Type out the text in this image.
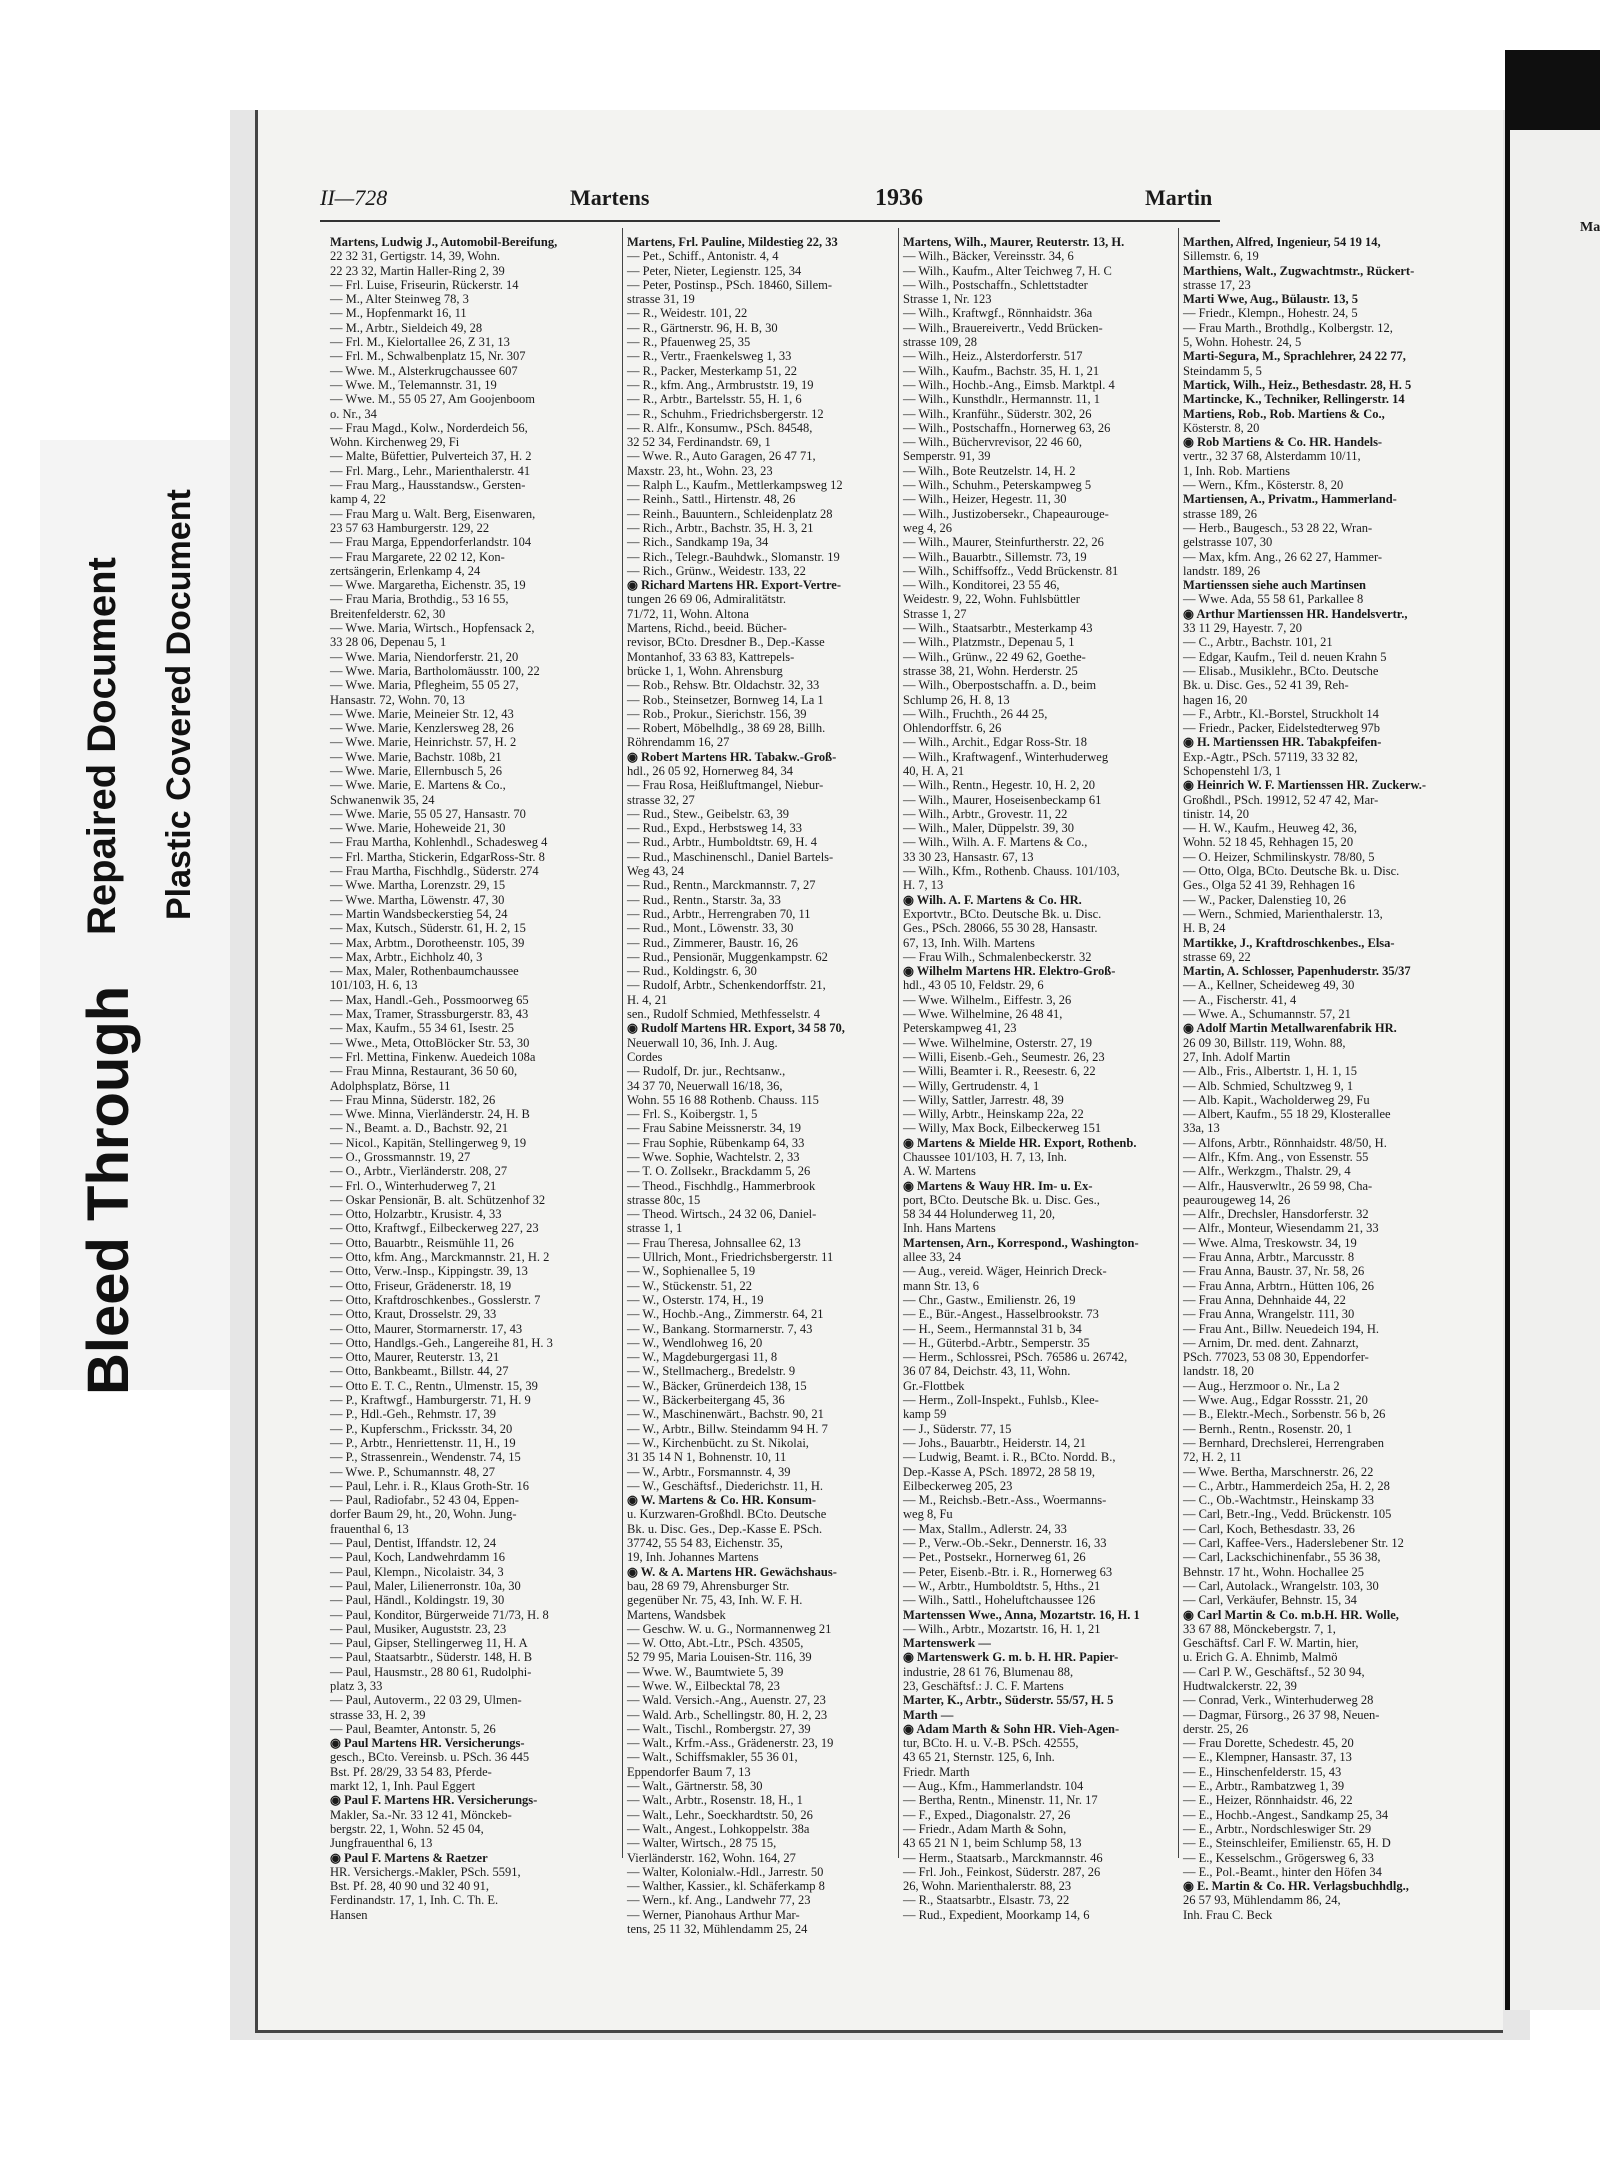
Bleed Through
Repaired Document Plastic Covered Document
Ma
II—728	Martens	1936	Martin

Martens, Ludwig J., Automobil-Bereifung,

22 32 31, Gertigstr. 14, 39, Wohn.

22 23 32, Martin Haller-Ring 2, 39

— Frl. Luise, Friseurin, Rückerstr. 14

— M., Alter Steinweg 78, 3

— M., Hopfenmarkt 16, 11

— M., Arbtr., Sieldeich 49, 28

— Frl. M., Kielortallee 26, Z 31, 13

— Frl. M., Schwalbenplatz 15, Nr. 307

— Wwe. M., Alsterkrugchaussee 607

— Wwe. M., Telemannstr. 31, 19

— Wwe. M., 55 05 27, Am Goojenboom

o. Nr., 34

— Frau Magd., Kolw., Norderdeich 56,

Wohn. Kirchenweg 29, Fi

— Malte, Büfettier, Pulverteich 37, H. 2

— Frl. Marg., Lehr., Marienthalerstr. 41

— Frau Marg., Hausstandsw., Gersten-

kamp 4, 22

— Frau Marg u. Walt. Berg, Eisenwaren,

23 57 63 Hamburgerstr. 129, 22

— Frau Marga, Eppendorferlandstr. 104

— Frau Margarete, 22 02 12, Kon-

zertsängerin, Erlenkamp 4, 24

— Wwe. Margaretha, Eichenstr. 35, 19

— Frau Maria, Brothdig., 53 16 55,

Breitenfelderstr. 62, 30

— Wwe. Maria, Wirtsch., Hopfensack 2,

33 28 06, Depenau 5, 1

— Wwe. Maria, Niendorferstr. 21, 20

— Wwe. Maria, Bartholomäusstr. 100, 22

— Wwe. Maria, Pflegheim, 55 05 27,

Hansastr. 72, Wohn. 70, 13

— Wwe. Marie, Meineier Str. 12, 43

— Wwe. Marie, Kenzlersweg 28, 26

— Wwe. Marie, Heinrichstr. 57, H. 2

— Wwe. Marie, Bachstr. 108b, 21

— Wwe. Marie, Ellernbusch 5, 26

— Wwe. Marie, E. Martens & Co.,

Schwanenwik 35, 24

— Wwe. Marie, 55 05 27, Hansastr. 70

— Wwe. Marie, Hoheweide 21, 30

— Frau Martha, Kohlenhdl., Schadesweg 4

— Frl. Martha, Stickerin, EdgarRoss-Str. 8

— Frau Martha, Fischhdlg., Süderstr. 274

— Wwe. Martha, Lorenzstr. 29, 15

— Wwe. Martha, Löwenstr. 47, 30

— Martin Wandsbeckerstieg 54, 24

— Max, Kutsch., Süderstr. 61, H. 2, 15

— Max, Arbtm., Dorotheenstr. 105, 39

— Max, Arbtr., Eichholz 40, 3

— Max, Maler, Rothenbaumchaussee

101/103, H. 6, 13

— Max, Handl.-Geh., Possmoorweg 65

— Max, Tramer, Strassburgerstr. 83, 43

— Max, Kaufm., 55 34 61, Isestr. 25

— Wwe., Meta, OttoBlöcker Str. 53, 30

— Frl. Mettina, Finkenw. Auedeich 108a

— Frau Minna, Restaurant, 36 50 60,

Adolphsplatz, Börse, 11

— Frau Minna, Süderstr. 182, 26

— Wwe. Minna, Vierländerstr. 24, H. B

— N., Beamt. a. D., Bachstr. 92, 21

— Nicol., Kapitän, Stellingerweg 9, 19

— O., Grossmannstr. 19, 27

— O., Arbtr., Vierländerstr. 208, 27

— Frl. O., Winterhuderweg 7, 21

— Oskar Pensionär, B. alt. Schützenhof 32

— Otto, Holzarbtr., Krusistr. 4, 33

— Otto, Kraftwgf., Eilbeckerweg 227, 23

— Otto, Bauarbtr., Reismühle 11, 26

— Otto, kfm. Ang., Marckmannstr. 21, H. 2

— Otto, Verw.-Insp., Kippingstr. 39, 13

— Otto, Friseur, Grädenerstr. 18, 19

— Otto, Kraftdroschkenbes., Gosslerstr. 7

— Otto, Kraut, Drosselstr. 29, 33

— Otto, Maurer, Stormarnerstr. 17, 43

— Otto, Handlgs.-Geh., Langereihe 81, H. 3

— Otto, Maurer, Reuterstr. 13, 21

— Otto, Bankbeamt., Billstr. 44, 27

— Otto E. T. C., Rentn., Ulmenstr. 15, 39

— P., Kraftwgf., Hamburgerstr. 71, H. 9

— P., Hdl.-Geh., Rehmstr. 17, 39

— P., Kupferschm., Fricksstr. 34, 20

— P., Arbtr., Henriettenstr. 11, H., 19

— P., Strassenrein., Wendenstr. 74, 15

— Wwe. P., Schumannstr. 48, 27

— Paul, Lehr. i. R., Klaus Groth-Str. 16

— Paul, Radiofabr., 52 43 04, Eppen-

dorfer Baum 29, ht., 20, Wohn. Jung-

frauenthal 6, 13

— Paul, Dentist, Iffandstr. 12, 24

— Paul, Koch, Landwehrdamm 16

— Paul, Klempn., Nicolaistr. 34, 3

— Paul, Maler, Lilienerronstr. 10a, 30

— Paul, Händl., Koldingstr. 19, 30

— Paul, Konditor, Bürgerweide 71/73, H. 8

— Paul, Musiker, Auguststr. 23, 23

— Paul, Gipser, Stellingerweg 11, H. A

— Paul, Staatsarbtr., Süderstr. 148, H. B

— Paul, Hausmstr., 28 80 61, Rudolphi-

platz 3, 33

— Paul, Autoverm., 22 03 29, Ulmen-

strasse 33, H. 2, 39

— Paul, Beamter, Antonstr. 5, 26

◉ Paul Martens HR. Versicherungs-

gesch., BCto. Vereinsb. u. PSch. 36 445

Bst. Pf. 28/29, 33 54 83, Pferde-

markt 12, 1, Inh. Paul Eggert

◉ Paul F. Martens HR. Versicherungs-

Makler, Sa.-Nr. 33 12 41, Mönckeb-

bergstr. 22, 1, Wohn. 52 45 04,

Jungfrauenthal 6, 13

◉ Paul F. Martens & Raetzer

HR. Versichergs.-Makler, PSch. 5591,

Bst. Pf. 28, 40 90 und 32 40 91,

Ferdinandstr. 17, 1, Inh. C. Th. E.

Hansen

Martens, Frl. Pauline, Mildestieg 22, 33

— Pet., Schiff., Antonistr. 4, 4

— Peter, Nieter, Legienstr. 125, 34

— Peter, Postinsp., PSch. 18460, Sillem-

strasse 31, 19

— R., Weidestr. 101, 22

— R., Gärtnerstr. 96, H. B, 30

— R., Pfauenweg 25, 35

— R., Vertr., Fraenkelsweg 1, 33

— R., Packer, Mesterkamp 51, 22

— R., kfm. Ang., Armbruststr. 19, 19

— R., Arbtr., Bartelsstr. 55, H. 1, 6

— R., Schuhm., Friedrichsbergerstr. 12

— R. Alfr., Konsumw., PSch. 84548,

32 52 34, Ferdinandstr. 69, 1

— Wwe. R., Auto Garagen, 26 47 71,

Maxstr. 23, ht., Wohn. 23, 23

— Ralph L., Kaufm., Mettlerkampsweg 12

— Reinh., Sattl., Hirtenstr. 48, 26

— Reinh., Bauuntern., Schleidenplatz 28

— Rich., Arbtr., Bachstr. 35, H. 3, 21

— Rich., Sandkamp 19a, 34

— Rich., Telegr.-Bauhdwk., Slomanstr. 19

— Rich., Grünw., Weidestr. 133, 22

◉ Richard Martens HR. Export-Vertre-

tungen 26 69 06, Admiralitätstr.

71/72, 11, Wohn. Altona

Martens, Richd., beeid. Bücher-

revisor, BCto. Dresdner B., Dep.-Kasse

Montanhof, 33 63 83, Kattrepels-

brücke 1, 1, Wohn. Ahrensburg

— Rob., Rehsw. Btr. Oldachstr. 32, 33

— Rob., Steinsetzer, Bornweg 14, La 1

— Rob., Prokur., Sierichstr. 156, 39

— Robert, Möbelhdlg., 38 69 28, Billh.

Röhrendamm 16, 27

◉ Robert Martens HR. Tabakw.-Groß-

hdl., 26 05 92, Hornerweg 84, 34

— Frau Rosa, Heißluftmangel, Niebur-

strasse 32, 27

— Rud., Stew., Geibelstr. 63, 39

— Rud., Expd., Herbstsweg 14, 33

— Rud., Arbtr., Humboldtstr. 69, H. 4

— Rud., Maschinenschl., Daniel Bartels-

Weg 43, 24

— Rud., Rentn., Marckmannstr. 7, 27

— Rud., Rentn., Starstr. 3a, 33

— Rud., Arbtr., Herrengraben 70, 11

— Rud., Mont., Löwenstr. 33, 30

— Rud., Zimmerer, Baustr. 16, 26

— Rud., Pensionär, Muggenkampstr. 62

— Rud., Koldingstr. 6, 30

— Rudolf, Arbtr., Schenkendorffstr. 21,

H. 4, 21

sen., Rudolf Schmied, Methfesselstr. 4

◉ Rudolf Martens HR. Export, 34 58 70,

Neuerwall 10, 36, Inh. J. Aug.

Cordes

— Rudolf, Dr. jur., Rechtsanw.,

34 37 70, Neuerwall 16/18, 36,

Wohn. 55 16 88 Rothenb. Chauss. 115

— Frl. S., Koibergstr. 1, 5

— Frau Sabine Meissnerstr. 34, 19

— Frau Sophie, Rübenkamp 64, 33

— Wwe. Sophie, Wachtelstr. 2, 33

— T. O. Zollsekr., Brackdamm 5, 26

— Theod., Fischhdlg., Hammerbrook

strasse 80c, 15

— Theod. Wirtsch., 24 32 06, Daniel-

strasse 1, 1

— Frau Theresa, Johnsallee 62, 13

— Ullrich, Mont., Friedrichsbergerstr. 11

— W., Sophienallee 5, 19

— W., Stückenstr. 51, 22

— W., Osterstr. 174, H., 19

— W., Hochb.-Ang., Zimmerstr. 64, 21

— W., Bankang. Stormarnerstr. 7, 43

— W., Wendlohweg 16, 20

— W., Magdeburgergasi 11, 8

— W., Stellmacherg., Bredelstr. 9

— W., Bäcker, Grünerdeich 138, 15

— W., Bäckerbeitergang 45, 36

— W., Maschinenwärt., Bachstr. 90, 21

— W., Arbtr., Billw. Steindamm 94 H. 7

— W., Kirchenbücht. zu St. Nikolai,

31 35 14 N 1, Bohnenstr. 10, 11

— W., Arbtr., Forsmannstr. 4, 39

— W., Geschäftsf., Diederichstr. 11, H.

◉ W. Martens & Co. HR. Konsum-

u. Kurzwaren-Großhdl. BCto. Deutsche

Bk. u. Disc. Ges., Dep.-Kasse E. PSch.

37742, 55 54 83, Eichenstr. 35,

19, Inh. Johannes Martens

◉ W. & A. Martens HR. Gewächshaus-

bau, 28 69 79, Ahrensburger Str.

gegenüber Nr. 75, 43, Inh. W. F. H.

Martens, Wandsbek

— Geschw. W. u. G., Normannenweg 21

— W. Otto, Abt.-Ltr., PSch. 43505,

52 79 95, Maria Louisen-Str. 116, 39

— Wwe. W., Baumtwiete 5, 39

— Wwe. W., Eilbecktal 78, 23

— Wald. Versich.-Ang., Auenstr. 27, 23

— Wald. Arb., Schellingstr. 80, H. 2, 23

— Walt., Tischl., Rombergstr. 27, 39

— Walt., Krfm.-Ass., Grädenerstr. 23, 19

— Walt., Schiffsmakler, 55 36 01,

Eppendorfer Baum 7, 13

— Walt., Gärtnerstr. 58, 30

— Walt., Arbtr., Rosenstr. 18, H., 1

— Walt., Lehr., Soeckhardtstr. 50, 26

— Walt., Angest., Lohkoppelstr. 38a

— Walter, Wirtsch., 28 75 15,

Vierländerstr. 162, Wohn. 164, 27

— Walter, Kolonialw.-Hdl., Jarrestr. 50

— Walther, Kassier., kl. Schäferkamp 8

— Wern., kf. Ang., Landwehr 77, 23

— Werner, Pianohaus Arthur Mar-

tens, 25 11 32, Mühlendamm 25, 24

Martens, Wilh., Maurer, Reuterstr. 13, H.

— Wilh., Bäcker, Vereinsstr. 34, 6

— Wilh., Kaufm., Alter Teichweg 7, H. C

— Wilh., Postschaffn., Schlettstadter

Strasse 1, Nr. 123

— Wilh., Kraftwgf., Rönnhaidstr. 36a

— Wilh., Brauereivertr., Vedd Brücken-

strasse 109, 28

— Wilh., Heiz., Alsterdorferstr. 517

— Wilh., Kaufm., Bachstr. 35, H. 1, 21

— Wilh., Hochb.-Ang., Eimsb. Marktpl. 4

— Wilh., Kunsthdlr., Hermannstr. 11, 1

— Wilh., Kranführ., Süderstr. 302, 26

— Wilh., Postschaffn., Hornerweg 63, 26

— Wilh., Büchervrevisor, 22 46 60,

Semperstr. 91, 39

— Wilh., Bote Reutzelstr. 14, H. 2

— Wilh., Schuhm., Peterskampweg 5

— Wilh., Heizer, Hegestr. 11, 30

— Wilh., Justizobersekr., Chapeaurouge-

weg 4, 26

— Wilh., Maurer, Steinfurtherstr. 22, 26

— Wilh., Bauarbtr., Sillemstr. 73, 19

— Wilh., Schiffsoffz., Vedd Brückenstr. 81

— Wilh., Konditorei, 23 55 46,

Weidestr. 9, 22, Wohn. Fuhlsbüttler

Strasse 1, 27

— Wilh., Staatsarbtr., Mesterkamp 43

— Wilh., Platzmstr., Depenau 5, 1

— Wilh., Grünw., 22 49 62, Goethe-

strasse 38, 21, Wohn. Herderstr. 25

— Wilh., Oberpostschaffn. a. D., beim

Schlump 26, H. 8, 13

— Wilh., Fruchth., 26 44 25,

Ohlendorffstr. 6, 26

— Wilh., Archit., Edgar Ross-Str. 18

— Wilh., Kraftwagenf., Winterhuderweg

40, H. A, 21

— Wilh., Rentn., Hegestr. 10, H. 2, 20

— Wilh., Maurer, Hoseisenbeckamp 61

— Wilh., Arbtr., Grovestr. 11, 22

— Wilh., Maler, Düppelstr. 39, 30

— Wilh., Wilh. A. F. Martens & Co.,

33 30 23, Hansastr. 67, 13

— Wilh., Kfm., Rothenb. Chauss. 101/103,

H. 7, 13

◉ Wilh. A. F. Martens & Co. HR.

Exportvtr., BCto. Deutsche Bk. u. Disc.

Ges., PSch. 28066, 55 30 28, Hansastr.

67, 13, Inh. Wilh. Martens

— Frau Wilh., Schmalenbeckerstr. 32

◉ Wilhelm Martens HR. Elektro-Groß-

hdl., 43 05 10, Feldstr. 29, 6

— Wwe. Wilhelm., Eiffestr. 3, 26

— Wwe. Wilhelmine, 26 48 41,

Peterskampweg 41, 23

— Wwe. Wilhelmine, Osterstr. 27, 19

— Willi, Eisenb.-Geh., Seumestr. 26, 23

— Willi, Beamter i. R., Reesestr. 6, 22

— Willy, Gertrudenstr. 4, 1

— Willy, Sattler, Jarrestr. 48, 39

— Willy, Arbtr., Heinskamp 22a, 22

— Willy, Max Bock, Eilbeckerweg 151

◉ Martens & Mielde HR. Export, Rothenb.

Chaussee 101/103, H. 7, 13, Inh.

A. W. Martens

◉ Martens & Wauy HR. Im- u. Ex-

port, BCto. Deutsche Bk. u. Disc. Ges.,

58 34 44 Holunderweg 11, 20,

Inh. Hans Martens

Martensen, Arn., Korrespond., Washington-

allee 33, 24

— Aug., vereid. Wäger, Heinrich Dreck-

mann Str. 13, 6

— Chr., Gastw., Emilienstr. 26, 19

— E., Bür.-Angest., Hasselbrookstr. 73

— H., Seem., Hermannstal 31 b, 34

— H., Güterbd.-Arbtr., Semperstr. 35

— Herm., Schlossrei, PSch. 76586 u. 26742,

36 07 84, Deichstr. 43, 11, Wohn.

Gr.-Flottbek

— Herm., Zoll-Inspekt., Fuhlsb., Klee-

kamp 59

— J., Süderstr. 77, 15

— Johs., Bauarbtr., Heiderstr. 14, 21

— Ludwig, Beamt. i. R., BCto. Nordd. B.,

Dep.-Kasse A, PSch. 18972, 28 58 19,

Eilbeckerweg 205, 23

— M., Reichsb.-Betr.-Ass., Woermanns-

weg 8, Fu

— Max, Stallm., Adlerstr. 24, 33

— P., Verw.-Ob.-Sekr., Dennerstr. 16, 33

— Pet., Postsekr., Hornerweg 61, 26

— Peter, Eisenb.-Btr. i. R., Hornerweg 63

— W., Arbtr., Humboldtstr. 5, Hths., 21

— Wilh., Sattl., Hoheluftchaussee 126

Martenssen Wwe., Anna, Mozartstr. 16, H. 1

— Wilh., Arbtr., Mozartstr. 16, H. 1, 21

Martenswerk —

◉ Martenswerk G. m. b. H. HR. Papier-

industrie, 28 61 76, Blumenau 88,

23, Geschäftsf.: J. C. F. Martens

Marter, K., Arbtr., Süderstr. 55/57, H. 5

Marth —

◉ Adam Marth & Sohn HR. Vieh-Agen-

tur, BCto. H. u. V.-B. PSch. 42555,

43 65 21, Sternstr. 125, 6, Inh.

Friedr. Marth

— Aug., Kfm., Hammerlandstr. 104

— Bertha, Rentn., Minenstr. 11, Nr. 17

— F., Exped., Diagonalstr. 27, 26

— Friedr., Adam Marth & Sohn,

43 65 21 N 1, beim Schlump 58, 13

— Herm., Staatsarb., Marckmannstr. 46

— Frl. Joh., Feinkost, Süderstr. 287, 26

26, Wohn. Marienthalerstr. 88, 23

— R., Staatsarbtr., Elsastr. 73, 22

— Rud., Expedient, Moorkamp 14, 6

Marthen, Alfred, Ingenieur, 54 19 14,

Sillemstr. 6, 19

Marthiens, Walt., Zugwachtmstr., Rückert-

strasse 17, 23

Marti Wwe, Aug., Bülaustr. 13, 5

— Friedr., Klempn., Hohestr. 24, 5

— Frau Marth., Brothdlg., Kolbergstr. 12,

5, Wohn. Hohestr. 24, 5

Marti-Segura, M., Sprachlehrer, 24 22 77,

Steindamm 5, 5

Martick, Wilh., Heiz., Bethesdastr. 28, H. 5

Martincke, K., Techniker, Rellingerstr. 14

Martiens, Rob., Rob. Martiens & Co.,

Kösterstr. 8, 20

◉ Rob Martiens & Co. HR. Handels-

vertr., 32 37 68, Alsterdamm 10/11,

1, Inh. Rob. Martiens

— Wern., Kfm., Kösterstr. 8, 20

Martiensen, A., Privatm., Hammerland-

strasse 189, 26

— Herb., Baugesch., 53 28 22, Wran-

gelstrasse 107, 30

— Max, kfm. Ang., 26 62 27, Hammer-

landstr. 189, 26

Martienssen siehe auch Martinsen

— Wwe. Ada, 55 58 61, Parkallee 8

◉ Arthur Martienssen HR. Handelsvertr.,

33 11 29, Hayestr. 7, 20

— C., Arbtr., Bachstr. 101, 21

— Edgar, Kaufm., Teil d. neuen Krahn 5

— Elisab., Musiklehr., BCto. Deutsche

Bk. u. Disc. Ges., 52 41 39, Reh-

hagen 16, 20

— F., Arbtr., Kl.-Borstel, Struckholt 14

— Friedr., Packer, Eidelstedterweg 97b

◉ H. Martienssen HR. Tabakpfeifen-

Exp.-Agtr., PSch. 57119, 33 32 82,

Schopenstehl 1/3, 1

◉ Heinrich W. F. Martienssen HR. Zuckerw.-

Großhdl., PSch. 19912, 52 47 42, Mar-

tinistr. 14, 20

— H. W., Kaufm., Heuweg 42, 36,

Wohn. 52 18 45, Rehhagen 15, 20

— O. Heizer, Schmilinskystr. 78/80, 5

— Otto, Olga, BCto. Deutsche Bk. u. Disc.

Ges., Olga 52 41 39, Rehhagen 16

— W., Packer, Dalenstieg 10, 26

— Wern., Schmied, Marienthalerstr. 13,

H. B, 24

Martikke, J., Kraftdroschkenbes., Elsa-

strasse 69, 22

Martin, A. Schlosser, Papenhuderstr. 35/37

— A., Kellner, Scheideweg 49, 30

— A., Fischerstr. 41, 4

— Wwe. A., Schumannstr. 57, 21

◉ Adolf Martin Metallwarenfabrik HR.

26 09 30, Billstr. 119, Wohn. 88,

27, Inh. Adolf Martin

— Alb., Fris., Albertstr. 1, H. 1, 15

— Alb. Schmied, Schultzweg 9, 1

— Alb. Kapit., Wacholderweg 29, Fu

— Albert, Kaufm., 55 18 29, Klosterallee

33a, 13

— Alfons, Arbtr., Rönnhaidstr. 48/50, H.

— Alfr., Kfm. Ang., von Essenstr. 55

— Alfr., Werkzgm., Thalstr. 29, 4

— Alfr., Hausverwltr., 26 59 98, Cha-

peaurougeweg 14, 26

— Alfr., Drechsler, Hansdorferstr. 32

— Alfr., Monteur, Wiesendamm 21, 33

— Wwe. Alma, Treskowstr. 34, 19

— Frau Anna, Arbtr., Marcusstr. 8

— Frau Anna, Baustr. 37, Nr. 58, 26

— Frau Anna, Arbtrn., Hütten 106, 26

— Frau Anna, Dehnhaide 44, 22

— Frau Anna, Wrangelstr. 111, 30

— Frau Ant., Billw. Neuedeich 194, H.

— Arnim, Dr. med. dent. Zahnarzt,

PSch. 77023, 53 08 30, Eppendorfer-

landstr. 18, 20

— Aug., Herzmoor o. Nr., La 2

— Wwe. Aug., Edgar Rossstr. 21, 20

— B., Elektr.-Mech., Sorbenstr. 56 b, 26

— Bernh., Rentn., Rosenstr. 20, 1

— Bernhard, Drechslerei, Herrengraben

72, H. 2, 11

— Wwe. Bertha, Marschnerstr. 26, 22

— C., Arbtr., Hammerdeich 25a, H. 2, 28

— C., Ob.-Wachtmstr., Heinskamp 33

— Carl, Betr.-Ing., Vedd. Brückenstr. 105

— Carl, Koch, Bethesdastr. 33, 26

— Carl, Kaffee-Vers., Haderslebener Str. 12

— Carl, Lackschichinenfabr., 55 36 38,

Behnstr. 17 ht., Wohn. Hochallee 25

— Carl, Autolack., Wrangelstr. 103, 30

— Carl, Verkäufer, Behnstr. 15, 34

◉ Carl Martin & Co. m.b.H. HR. Wolle,

33 67 88, Mönckebergstr. 7, 1,

Geschäftsf. Carl F. W. Martin, hier,

u. Erich G. A. Ehnimb, Malmö

— Carl P. W., Geschäftsf., 52 30 94,

Hudtwalckerstr. 22, 39

— Conrad, Verk., Winterhuderweg 28

— Dagmar, Fürsorg., 26 37 98, Neuen-

derstr. 25, 26

— Frau Dorette, Schedestr. 45, 20

— E., Klempner, Hansastr. 37, 13

— E., Hinschenfelderstr. 15, 43

— E., Arbtr., Rambatzweg 1, 39

— E., Heizer, Rönnhaidstr. 46, 22

— E., Hochb.-Angest., Sandkamp 25, 34

— E., Arbtr., Nordschleswiger Str. 29

— E., Steinschleifer, Emilienstr. 65, H. D

— E., Kesselschm., Grögersweg 6, 33

— E., Pol.-Beamt., hinter den Höfen 34

◉ E. Martin & Co. HR. Verlagsbuchhdlg.,

26 57 93, Mühlendamm 86, 24,

Inh. Frau C. Beck
